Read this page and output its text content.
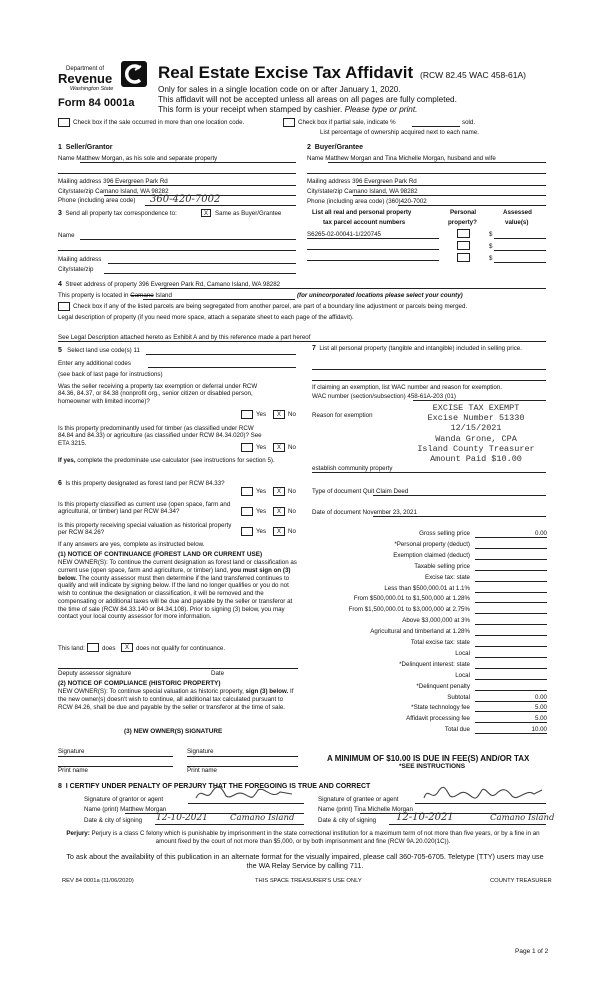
Department of
Revenue
Washington State
Form 84 0001a
Real Estate Excise Tax Affidavit (RCW 82.45 WAC 458-61A)
Only for sales in a single location code on or after January 1, 2020.
This affidavit will not be accepted unless all areas on all pages are fully completed.
This form is your receipt when stamped by cashier. Please type or print.
Check box if the sale occurred in more than one location code.	Check box if partial sale, indicate %	sold.
List percentage of ownership acquired next to each name.
1 Seller/Grantor
Name Matthew Morgan, as his sole and separate property
Mailing address 396 Evergreen Park Rd
City/state/zip Camano Island, WA 98282
Phone (including area code) 360-420-7002
2 Buyer/Grantee
Name Matthew Morgan and Tina Michelle Morgan, husband and wife
Mailing address 396 Evergreen Park Rd
City/state/zip Camano Island, WA 98282
Phone (including area code) (360)420-7002
3 Send all property tax correspondence to:	X	Same as Buyer/Grantee
Name
Mailing address
City/state/zip
List all real and personal property
tax parcel account numbers
Personal
property?
Assessed
value(s)
S6265-02-00041-1/220745	$
$
$
4 Street address of property 396 Evergreen Park Rd, Camano Island, WA 98282
This property is located in Camano Island	(for unincorporated locations please select your county)
Check box if any of the listed parcels are being segregated from another parcel, are part of a boundary line adjustment or parcels being merged.
Legal description of property (if you need more space, attach a separate sheet to each page of the affidavit).
See Legal Description attached hereto as Exhibit A and by this reference made a part hereof
5 Select land use code(s) 11
Enter any additional codes
(see back of last page for instructions)
Was the seller receiving a property tax exemption or deferral under RCW 84.36, 84.37, or 84.38 (nonprofit org., senior citizen or disabled person, homeowner with limited income)?
Yes	X	No
Is this property predominantly used for timber (as classified under RCW 84.84 and 84.33) or agriculture (as classified under RCW 84.34.020)? See ETA 3215.
Yes	X	No
If yes, complete the predominate use calculator (see instructions for section 5).
6 Is this property designated as forest land per RCW 84.33?
Yes	X	No
Is this property classified as current use (open space, farm and agricultural, or timber) land per RCW 84.34?	Yes	X	No
Is this property receiving special valuation as historical property per RCW 84.26?	Yes	X	No
If any answers are yes, complete as instructed below.
(1) NOTICE OF CONTINUANCE (FOREST LAND OR CURRENT USE)
NEW OWNER(S): To continue the current designation as forest land or classification as current use (open space, farm and agriculture, or timber) land, you must sign on (3) below. The county assessor must then determine if the land transferred continues to qualify and will indicate by signing below. If the land no longer qualifies or you do not wish to continue the designation or classification, it will be removed and the compensating or additional taxes will be due and payable by the seller or transferor at the time of sale (RCW 84.33.140 or 84.34.108). Prior to signing (3) below, you may contact your local county assessor for more information.
This land:	does	X	does not qualify for continuance.
Deputy assessor signature	Date
(2) NOTICE OF COMPLIANCE (HISTORIC PROPERTY)
NEW OWNER(S): To continue special valuation as historic property, sign (3) below. If the new owner(s) doesn't wish to continue, all additional tax calculated pursuant to RCW 84.26, shall be due and payable by the seller or transferor at the time of sale.
(3) NEW OWNER(S) SIGNATURE
Signature	Signature
Print name	Print name
7 List all personal property (tangible and intangible) included in selling price.
If claiming an exemption, list WAC number and reason for exemption.
WAC number (section/subsection) 458-61A-203 (01)
Reason for exemption
EXCISE TAX EXEMPT
Excise Number 51330
12/15/2021
Wanda Grone, CPA
Island County Treasurer
Amount Paid $10.00
establish community property
Type of document Quit Claim Deed
Date of document November 23, 2021
Gross selling price	0.00
*Personal property (deduct)
Exemption claimed (deduct)
Taxable selling price
Excise tax: state
Less than $500,000.01 at 1.1%
From $500,000.01 to $1,500,000 at 1.28%
From $1,500,000.01 to $3,000,000 at 2.75%
Above $3,000,000 at 3%
Agricultural and timberland at 1.28%
Total excise tax: state
Local
*Delinquent interest: state
Local
*Delinquent penalty
Subtotal	0.00
*State technology fee	5.00
Affidavit processing fee	5.00
Total due	10.00
A MINIMUM OF $10.00 IS DUE IN FEE(S) AND/OR TAX
*SEE INSTRUCTIONS
8 I CERTIFY UNDER PENALTY OF PERJURY THAT THE FOREGOING IS TRUE AND CORRECT
Signature of grantor or agent
Name (print) Matthew Morgan
Date & city of signing 12-10-2021	Camano Island
Signature of grantee or agent
Name (print) Tina Michelle Morgan
Date & city of signing 12-10-2021	Camano Island
Perjury: Perjury is a class C felony which is punishable by imprisonment in the state correctional institution for a maximum term of not more than five years, or by a fine in an amount fixed by the court of not more than $5,000, or by both imprisonment and fine (RCW 9A.20.020(1C)).
To ask about the availability of this publication in an alternate format for the visually impaired, please call 360-705-6705. Teletype (TTY) users may use the WA Relay Service by calling 711.
REV 84 0001a (11/06/2020)	THIS SPACE TREASURER'S USE ONLY	COUNTY TREASURER
Page 1 of 2
